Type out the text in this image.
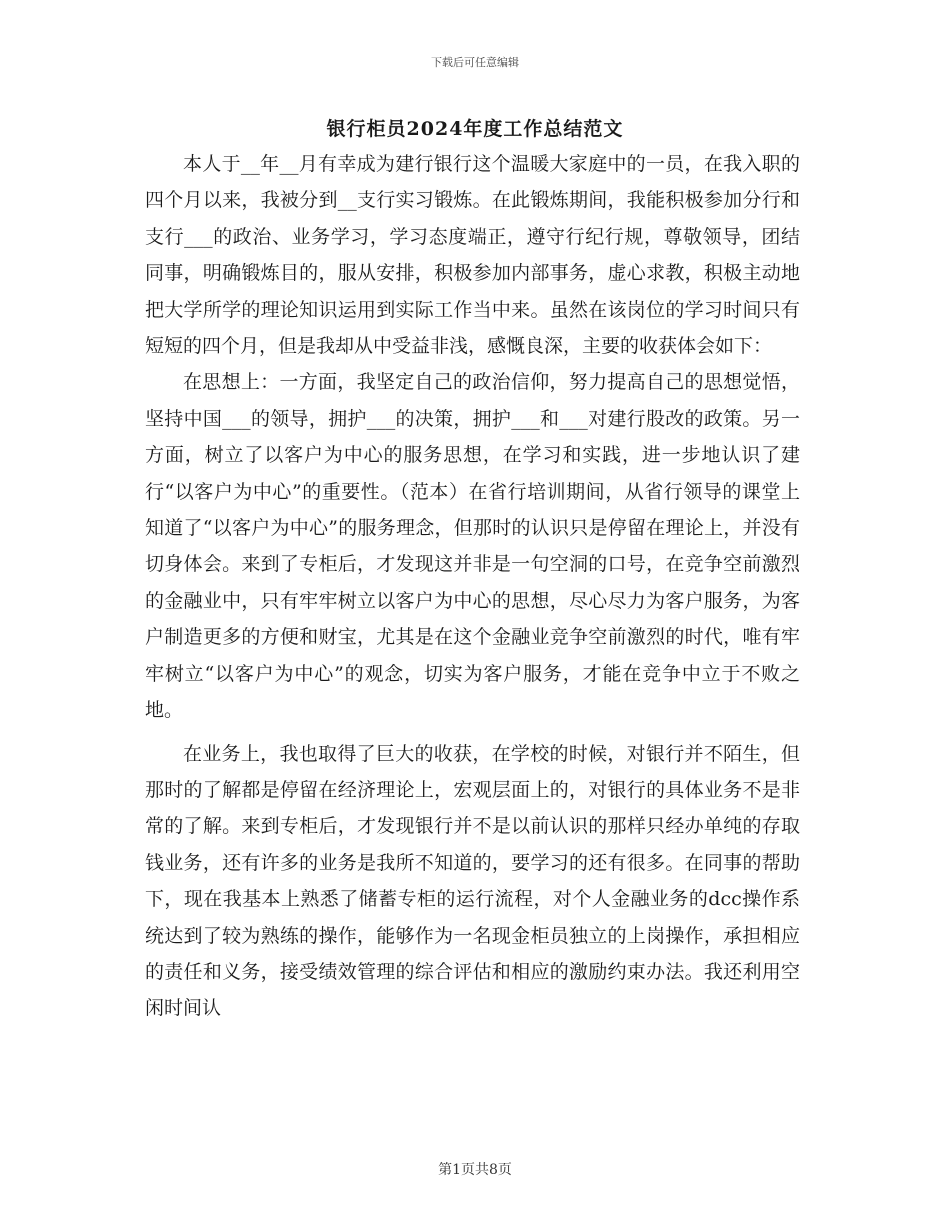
下载后可任意编辑
银行柜员2024年度工作总结范文

本人于__年__月有幸成为建行银行这个温暖大家庭中的一员，在我入职的四个月以来，我被分到__支行实习锻炼。在此锻炼期间，我能积极参加分行和支行___的政治、业务学习，学习态度端正，遵守行纪行规，尊敬领导，团结同事，明确锻炼目的，服从安排，积极参加内部事务，虚心求教，积极主动地把大学所学的理论知识运用到实际工作当中来。虽然在该岗位的学习时间只有短短的四个月，但是我却从中受益非浅，感慨良深，主要的收获体会如下：

在思想上：一方面，我坚定自己的政治信仰，努力提高自己的思想觉悟，坚持中国___的领导，拥护___的决策，拥护___和___对建行股改的政策。另一方面，树立了以客户为中心的服务思想，在学习和实践，进一步地认识了建行“以客户为中心”的重要性。（范本）在省行培训期间，从省行领导的课堂上知道了“以客户为中心”的服务理念，但那时的认识只是停留在理论上，并没有切身体会。来到了专柜后，才发现这并非是一句空洞的口号，在竞争空前激烈的金融业中，只有牢牢树立以客户为中心的思想，尽心尽力为客户服务，为客户制造更多的方便和财宝，尤其是在这个金融业竞争空前激烈的时代，唯有牢牢树立“以客户为中心”的观念，切实为客户服务，才能在竞争中立于不败之地。

在业务上，我也取得了巨大的收获，在学校的时候，对银行并不陌生，但那时的了解都是停留在经济理论上，宏观层面上的，对银行的具体业务不是非常的了解。来到专柜后，才发现银行并不是以前认识的那样只经办单纯的存取钱业务，还有许多的业务是我所不知道的，要学习的还有很多。在同事的帮助下，现在我基本上熟悉了储蓄专柜的运行流程，对个人金融业务的dcc操作系统达到了较为熟练的操作，能够作为一名现金柜员独立的上岗操作，承担相应的责任和义务，接受绩效管理的综合评估和相应的激励约束办法。我还利用空闲时间认

第1页共8页
